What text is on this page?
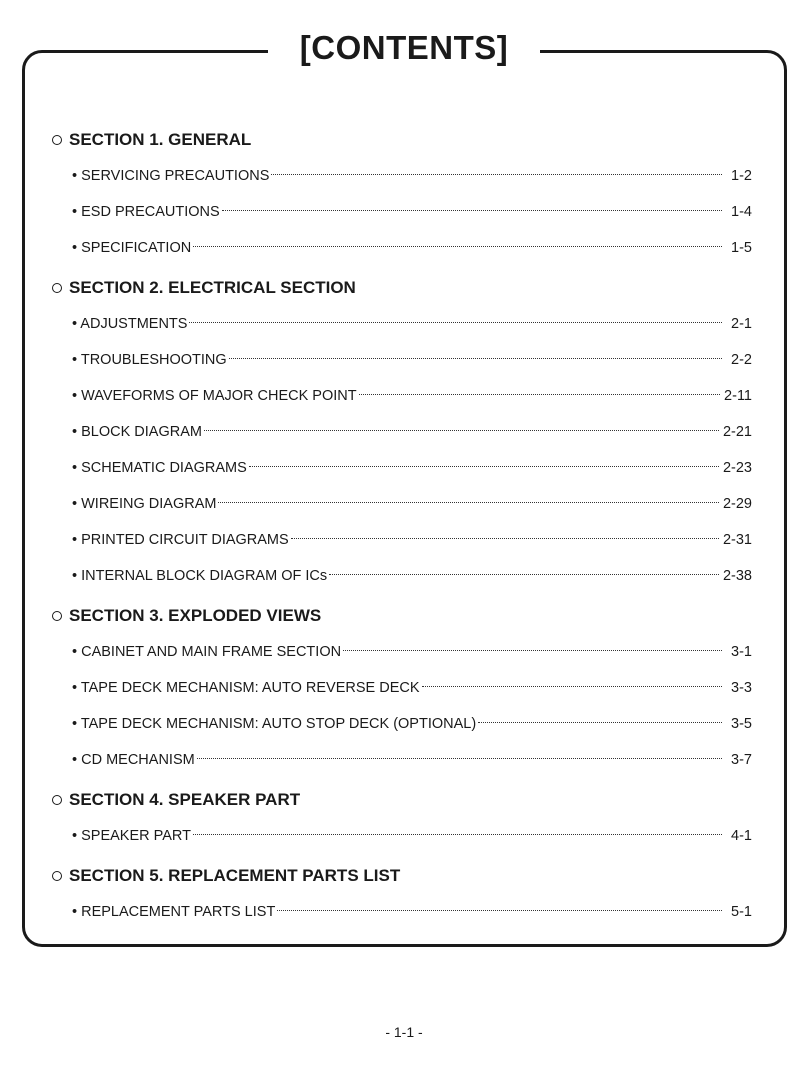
[CONTENTS]
SECTION 1. GENERAL
• SERVICING PRECAUTIONS	1-2
• ESD PRECAUTIONS	1-4
• SPECIFICATION	1-5
SECTION 2. ELECTRICAL SECTION
• ADJUSTMENTS	2-1
• TROUBLESHOOTING	2-2
• WAVEFORMS OF MAJOR CHECK POINT	2-11
• BLOCK DIAGRAM	2-21
• SCHEMATIC DIAGRAMS	2-23
• WIREING DIAGRAM	2-29
• PRINTED CIRCUIT DIAGRAMS	2-31
• INTERNAL BLOCK DIAGRAM OF ICs	2-38
SECTION 3. EXPLODED VIEWS
• CABINET AND MAIN FRAME SECTION	3-1
• TAPE DECK MECHANISM: AUTO REVERSE DECK	3-3
• TAPE DECK MECHANISM: AUTO STOP DECK (OPTIONAL)	3-5
• CD MECHANISM	3-7
SECTION 4. SPEAKER PART
• SPEAKER PART	4-1
SECTION 5. REPLACEMENT PARTS LIST
• REPLACEMENT PARTS LIST	5-1
- 1-1 -
